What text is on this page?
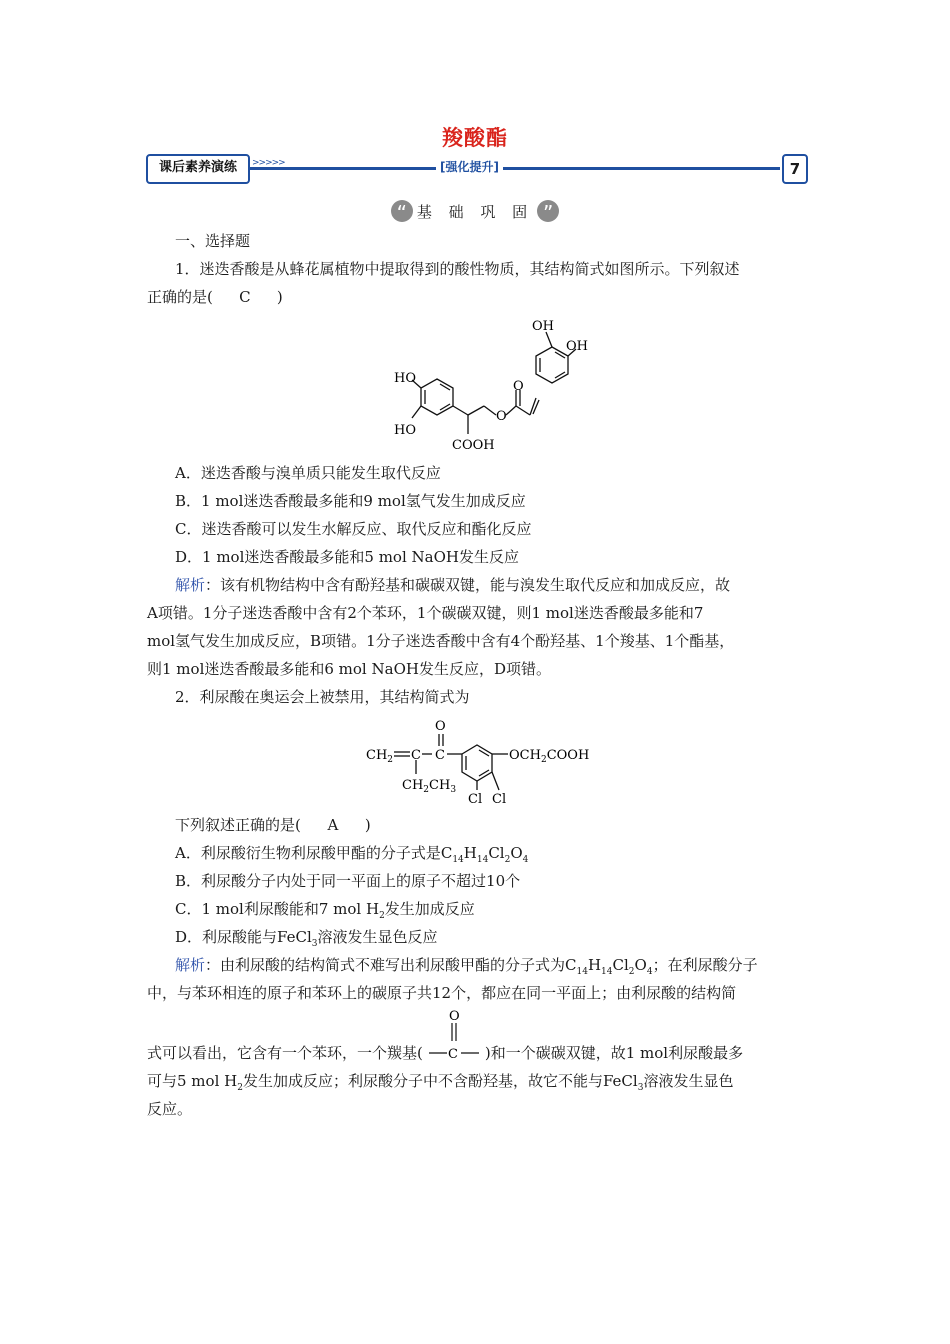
羧酸酯
课后素养演练	>>>>>	[强化提升]	7
“ 基 础 巩 固 ”
一、选择题
1．迷迭香酸是从蜂花属植物中提取得到的酸性物质，其结构简式如图所示。下列叙述
正确的是( C )
OH
OH
HO
HO
O
O
COOH
A．迷迭香酸与溴单质只能发生取代反应
B．1 mol迷迭香酸最多能和9 mol氢气发生加成反应
C．迷迭香酸可以发生水解反应、取代反应和酯化反应
D．1 mol迷迭香酸最多能和5 mol NaOH发生反应
解析：该有机物结构中含有酚羟基和碳碳双键，能与溴发生取代反应和加成反应，故
A项错。1分子迷迭香酸中含有2个苯环，1个碳碳双键，则1 mol迷迭香酸最多能和7
mol氢气发生加成反应，B项错。1分子迷迭香酸中含有4个酚羟基、1个羧基、1个酯基，
则1 mol迷迭香酸最多能和6 mol NaOH发生反应，D项错。
2．利尿酸在奥运会上被禁用，其结构简式为
O
$CH_2$ C C	$OCH_2COOH$
$CH_2CH_3$
Cl Cl
下列叙述正确的是( A )
A．利尿酸衍生物利尿酸甲酯的分子式是$C_{14}H_{14}Cl_2O_4$
B．利尿酸分子内处于同一平面上的原子不超过10个
C．1 mol利尿酸能和7 mol $H_2$发生加成反应
D．利尿酸能与FeCl$_3$溶液发生显色反应
解析：由利尿酸的结构简式不难写出利尿酸甲酯的分子式为$C_{14}H_{14}Cl_2O_4$；在利尿酸分子
中，与苯环相连的原子和苯环上的碳原子共12个，都应在同一平面上；由利尿酸的结构简
式可以看出，它含有一个苯环，一个羰基(
O
C )和一个碳碳双键，故1 mol利尿酸最多
可与5 mol $H_2$发生加成反应；利尿酸分子中不含酚羟基，故它不能与FeCl$_3$溶液发生显色
反应。
